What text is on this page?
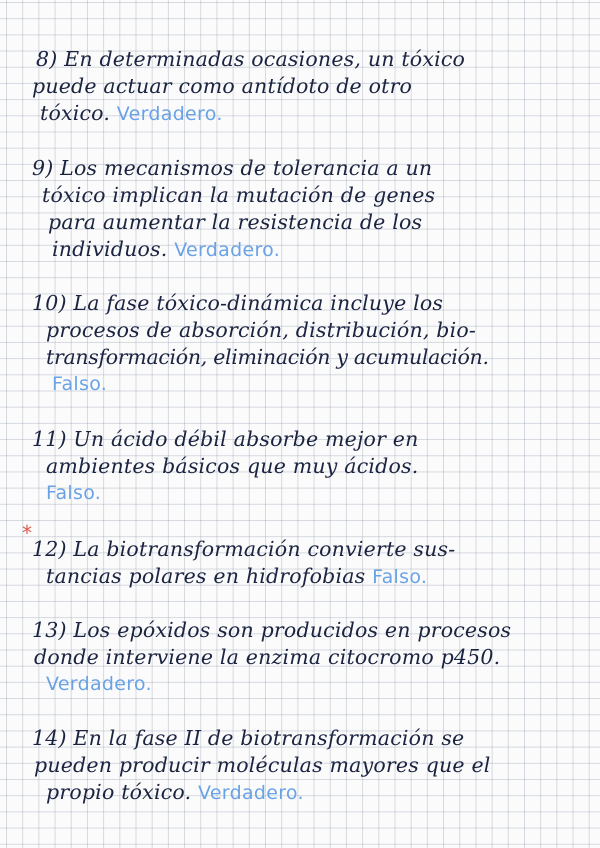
8) En determinadas ocasiones, un tóxico
puede actuar como antídoto de otro
tóxico. Verdadero.
9) Los mecanismos de tolerancia a un
tóxico implican la mutación de genes
para aumentar la resistencia de los
individuos. Verdadero.
10) La fase tóxico-dinámica incluye los
procesos de absorción, distribución, bio-
transformación, eliminación y acumulación.
Falso.
11) Un ácido débil absorbe mejor en
ambientes básicos que muy ácidos.
Falso.
*
12) La biotransformación convierte sus-
tancias polares en hidrofobias Falso.
13) Los epóxidos son producidos en procesos
donde interviene la enzima citocromo p450.
Verdadero.
14) En la fase II de biotransformación se
pueden producir moléculas mayores que el
propio tóxico. Verdadero.
